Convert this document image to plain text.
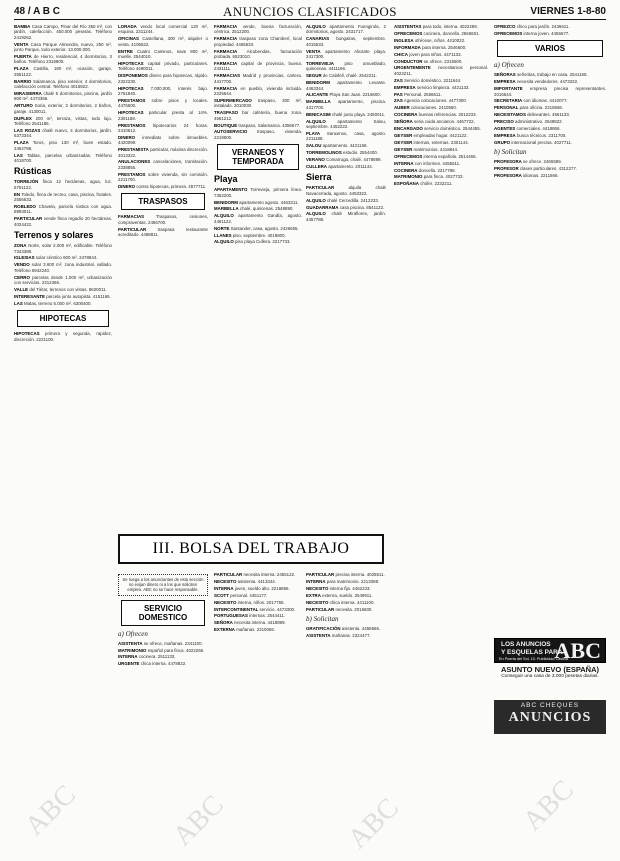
48 / A B C	ANUNCIOS CLASIFICADOS	VIERNES 1-8-80

BAMBA Casa Campo, Pinar del Río 350 m², con jardín, calefacción. 450.000 pesetas. Teléfono 2419262.

VENTA Casa Parque Almendra, nuevo, 250 m², junto Parque, todo exterior. 13.000.000.

PUERTA de Hierro, residencial, 4 dormitorios, 3 baños. Teléfono 2316800.

PLAZA Castilla, 180 m², ocasión, garaje. 2551122.

BARRIO Salamanca, piso exterior, 4 dormitorios, calefacción central. Teléfono 4015922.

MIRASIERRA chalé 5 dormitorios, piscina, jardín 800 m². 4473366.

ARTURO Soria, exterior, 3 dormitorios, 2 baños, garaje. 4130011.

DUPLEX 200 m², terraza, vistas, todo lujo. Teléfono 2541186.

LAS ROZAS chalé nuevo, 4 dormitorios, jardín. 6373344.

PLAZA Toros, piso 130 m², buen estado. 2452788.

LAS Tablas, parcelas urbanizadas. Teléfono 4018700.

Rústicas

TORREJÓN finca 12 hectáreas, agua, luz. 6751122.

EN Toledo, finca de recreo, casa, piscina, frutales. 2556633.

ROBLEDO Chavela, parcela rústica con agua. 8993011.

PARTICULAR vende finca regadío 20 hectáreas. 4024422.

Terrenos y solares

ZONA Norte, solar 2.000 m², edificable. Teléfono 7343388.

IGLESIAS solar céntrico 600 m². 2478844.

VENDO solar 3.600 m², zona industrial, vallado. Teléfono 6942240.

CERRO parcelas desde 1.000 m², urbanización con servicios. 2312366.

VALLE del Tiétar, terrenos con vistas. 8620011.

INTERESANTE parcela junto autopista. 4151166.

LAS Matas, terreno 5.000 m². 6300400.

HIPOTECAS

HIPOTECAS primera y segunda, rapidez, discreción. 2221100.

LORADA vendo local comercial 120 m², esquina. 2311244.

OFICINAS Castellana, 300 m², alquiler o venta. 4106622.

ENTRE Cuatro Caminos, nave 800 m², muelle. 2544010.

HIPOTECAS capital privado, particulares. Teléfono 4490011.

DISPONEMOS dinero para hipotecas, rápido. 2322230.

HIPOTECAS 7.000.000, interés bajo. 2751840.

PRESTAMOS sobre pisos y locales. 4475500.

HIPOTECAS particular presta al 14%. 2301188.

PRESTAMOS hipotecarios 24 horas. 2410612.

DINERO inmediato sobre inmuebles. 4420099.

PRESTAMISTA particular, máxima discreción. 4013322.

ANULACIONES cancelaciones, tramitación. 2338855.

PRESTAMOS sobre vivienda, sin comisión. 2211700.

DINERO contra hipotecas, primera. 4577711.

TRASPASOS

FARMACIAS	Traspasos, cesiones, compraventas. 2456700.

PARTICULAR	traspasa restaurante acreditado. 4488811.

FARMACIA vende, buena facturación, céntrica. 2512200.

FARMACIA traspaso zona Chamberí, local propiedad. 4465533.

FARMACIA Alcobendas, facturación probada. 6523010.

FARMACIA capital de provincia, buena. 2431111.

FARMACIAS Madrid y provincias, cartera. 4417700.

FARMACIA en pueblo, vivienda incluida. 2225544.

SUPERMERCADO traspaso, 300 m², instalado. 2010030.

TRASPASO bar cafetería, buena zona. 4561212.

BOUTIQUE traspaso, Salamanca. 4356677.

AUTOSERVICIO traspaso, vivienda. 2219500.

VERANEOS Y TEMPORADA
Playa

APARTAMENTO Torrevieja, primera línea. 7352200.

BENIDORM apartamento agosto. 4463311.

MARBELLA chalé, quincenas. 2548890.

ALQUILO apartamento Gandía, agosto. 4461122.

NORTE Santander, casa, agosto. 2426655.

LLANES piso, septiembre. 4018800.

ALQUILO piso playa Cullera. 2217733.

ALQUILO apartamento Fuengirola, 2 dormitorios, agosto. 2431717.

CANARIAS bungalow, septiembre. 4015533.

VENTA apartamento Alicante playa. 2417300.

TORREVIEJA piso amueblado, quincenas. 4411166.

SEGUR de Calafell, chalé. 2542211.

BENIDORM apartamento Levante. 4463344.

ALICANTE Playa San Juan. 2216600.

MARBELLA apartamento, piscina. 4317700.

BENICASIM chalé junto playa. 2450011.

ALQUILO	apartamento Salou, septiembre. 4452222.

PLAYA Sanxenxo, casa, agosto. 2211188.

SALOU apartamento. 4421166.

TORREMOLINOS estudio. 2554400.

VERANO Comarruga, chalé. 4478899.

CULLERA apartamento. 2011144.

Sierra

PARTICULAR	alquila chalé Navacerrada, agosto. 4453322.

ALQUILO chalé Cercedilla. 2412233.

GUADARRAMA casa piscina. 8541122.

ALQUILO chalé Miraflores, jardín. 4457788.

ASISTENTAS para todo, interna. 4022299.

OFRECEMOS cocinera, doncella. 2566601.

INGLESA ofrécese, niños. 4410022.

INFORMADA para interna. 2546600.

CHICA joven para niños. 4471133.

CONDUCTOR se ofrece. 2315500.

URGENTEMENTE necesitamos personal. 4022211.

ZAS Servicio doméstico. 2211644.

EMPRESA servicio limpieza. 4421133.

PAS Personal. 2556611.

ZAS Agencia colocaciones. 4477300.

AUBER colocaciones. 2410550.

COCINERA buenas referencias. 2012233.

SEÑORA seria cuida ancianos. 4467722.

ENCARGADO servicio doméstico. 2544455.

GEYSER empleadas hogar. 4421122.

GEYSER internas, externas. 2301144.

GEYSER matrimonios. 4418844.

OFRECEMOS interna española. 2514466.

INTERNA con informes. 4455511.

COCINERA doncella. 2217788.

MATRIMONIO para finca. 4027733.

ESPOÑANA chófer. 2232211.

OFREZCO chico para jardín. 2436611.

OFRECEMOS interna joven. 4456677.

VARIOS
a) Ofrecen

SEÑORAS señoritas, trabajo en casa. 2541155.

EMPRESA necesita vendedores. 4473322.

IMPORTANTE empresa precisa representantes. 2016644.

SECRETARIA con idiomas. 4410077.

PERSONAL para oficina. 2215566.

NECESITAMOS delineantes. 4561133.

PRECISO administrativo. 2548822.

AGENTES comerciales. 4418866.

EMPRESA busca técnicos. 2311700.

GRUPO internacional precisa. 4027711.

b) Solicitan

PROFESORA se ofrece. 2465599.

PROFESOR clases particulares. 4312277.

PROFESORA idiomas. 2211566.

III. BOLSA DEL TRABAJO
Se ruega a los anunciantes de esta sección no exijan dinero ni a los que soliciten empleo. ABC no se hace responsable.
SERVICIO DOMESTICO
a) Ofrecen

ASISTENTA se ofrece, mañanas. 2341100.

MATRIMONIO español para finca. 4022266.

INTERNA cocinera. 2511133.

URGENTE chica interna. 4478822.

PARTICULAR necesita interna. 2455122.

NECESITO asistenta. 4413344.

INTERNA joven, sueldo alto. 2218866.

SCOTT personal. 4451177.

NECESITO interna, niños. 2017755.

INTERCONTINENTAL servicio. 4473300.

PORTUGUESAS internas. 2544411.

SEÑORA necesita interna. 4418899.

EXTERNA mañanas. 2310066.

PARTICULAR precisa interna. 4025511.

INTERNA para matrimonio. 2213388.

NECESITO interna fija. 4462233.

EXTRA externa, sueldo. 2549911.

NECESITO chica interna. 4411100.

PARTICULAR necesita. 2016600.

b) Solicitan

GRATIFICACIÓN asistenta. 4455566.

ASISTENTA mañanas. 2324477.

LOS ANUNCIOS
Y ESQUELAS PARA
ABC
En Puerta del Sol, 10. Publicidad Castilla
ASUNTO NUEVO (ESPAÑA)
Conseguir una casa de 3.000 pesetas diarias.
ABC CHEQUES
ANUNCIOS
ABC	ABC	ABC	ABC
